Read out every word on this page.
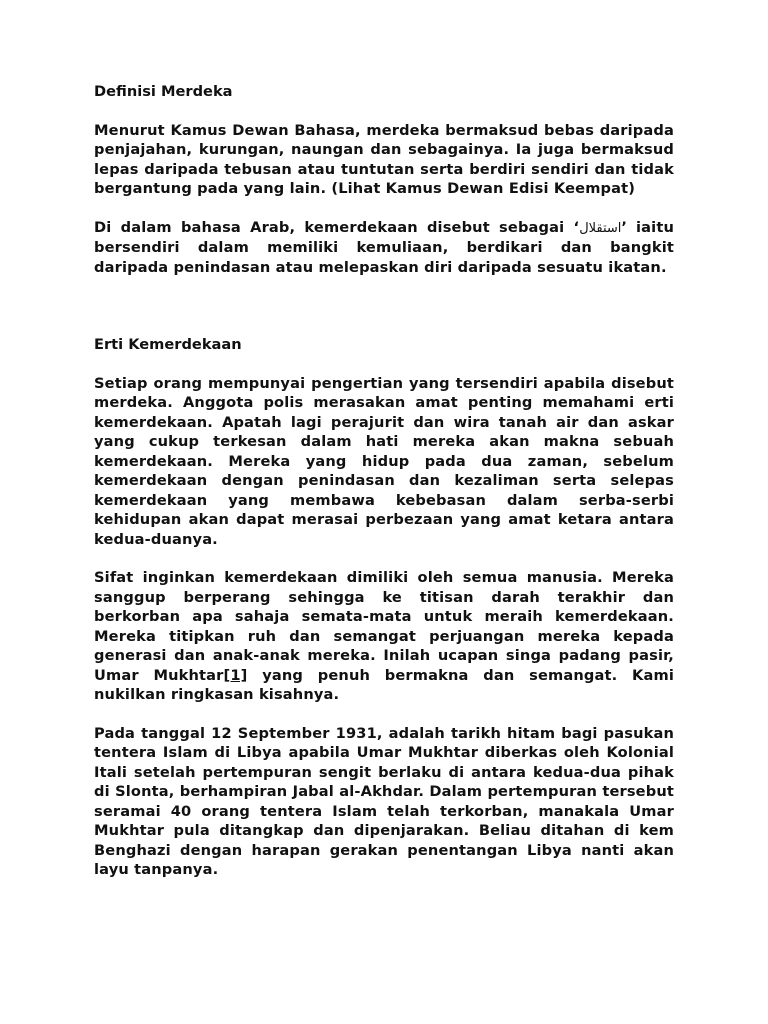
Definisi Merdeka

Menurut Kamus Dewan Bahasa, merdeka bermaksud bebas daripada penjajahan, kurungan, naungan dan sebagainya. Ia juga bermaksud lepas daripada tebusan atau tuntutan serta berdiri sendiri dan tidak bergantung pada yang lain. (Lihat Kamus Dewan Edisi Keempat)

Di dalam bahasa Arab, kemerdekaan disebut sebagai ‘استقلال’ iaitu bersendiri dalam memiliki kemuliaan, berdikari dan bangkit daripada penindasan atau melepaskan diri daripada sesuatu ikatan.

Erti Kemerdekaan

Setiap orang mempunyai pengertian yang tersendiri apabila disebut merdeka. Anggota polis merasakan amat penting memahami erti kemerdekaan. Apatah lagi perajurit dan wira tanah air dan askar yang cukup terkesan dalam hati mereka akan makna sebuah kemerdekaan. Mereka yang hidup pada dua zaman, sebelum kemerdekaan dengan penindasan dan kezaliman serta selepas kemerdekaan yang membawa kebebasan dalam serba-serbi kehidupan akan dapat merasai perbezaan yang amat ketara antara kedua-duanya.

Sifat inginkan kemerdekaan dimiliki oleh semua manusia. Mereka sanggup berperang sehingga ke titisan darah terakhir dan berkorban apa sahaja semata-mata untuk meraih kemerdekaan. Mereka titipkan ruh dan semangat perjuangan mereka kepada generasi dan anak-anak mereka. Inilah ucapan singa padang pasir, Umar Mukhtar[1] yang penuh bermakna dan semangat. Kami nukilkan ringkasan kisahnya.

Pada tanggal 12 September 1931, adalah tarikh hitam bagi pasukan tentera Islam di Libya apabila Umar Mukhtar diberkas oleh Kolonial Itali setelah pertempuran sengit berlaku di antara kedua-dua pihak di Slonta, berhampiran Jabal al-Akhdar. Dalam pertempuran tersebut seramai 40 orang tentera Islam telah terkorban, manakala Umar Mukhtar pula ditangkap dan dipenjarakan. Beliau ditahan di kem Benghazi dengan harapan gerakan penentangan Libya nanti akan layu tanpanya.
